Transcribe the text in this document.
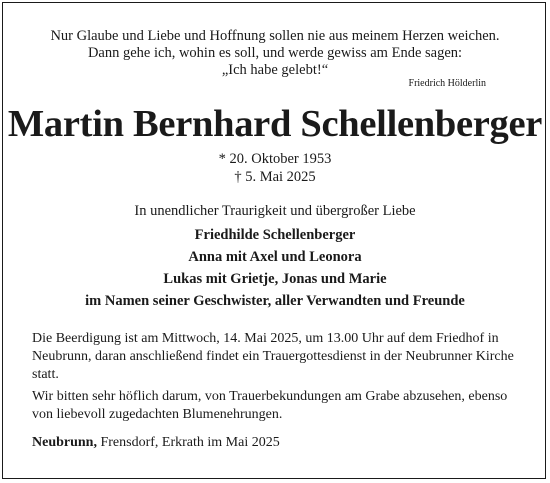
Nur Glaube und Liebe und Hoffnung sollen nie aus meinem Herzen weichen.
Dann gehe ich, wohin es soll, und werde gewiss am Ende sagen:
„Ich habe gelebt!“
Friedrich Hölderlin
Martin Bernhard Schellenberger
* 20. Oktober 1953
† 5. Mai 2025
In unendlicher Traurigkeit und übergroßer Liebe
Friedhilde Schellenberger
Anna mit Axel und Leonora
Lukas mit Grietje, Jonas und Marie
im Namen seiner Geschwister, aller Verwandten und Freunde
Die Beerdigung ist am Mittwoch, 14. Mai 2025, um 13.00 Uhr auf dem Friedhof in Neubrunn, daran anschließend findet ein Trauergottesdienst in der Neubrunner Kirche statt.
Wir bitten sehr höflich darum, von Trauerbekundungen am Grabe abzusehen, ebenso von liebevoll zugedachten Blumenehrungen.
Neubrunn, Frensdorf, Erkrath im Mai 2025
